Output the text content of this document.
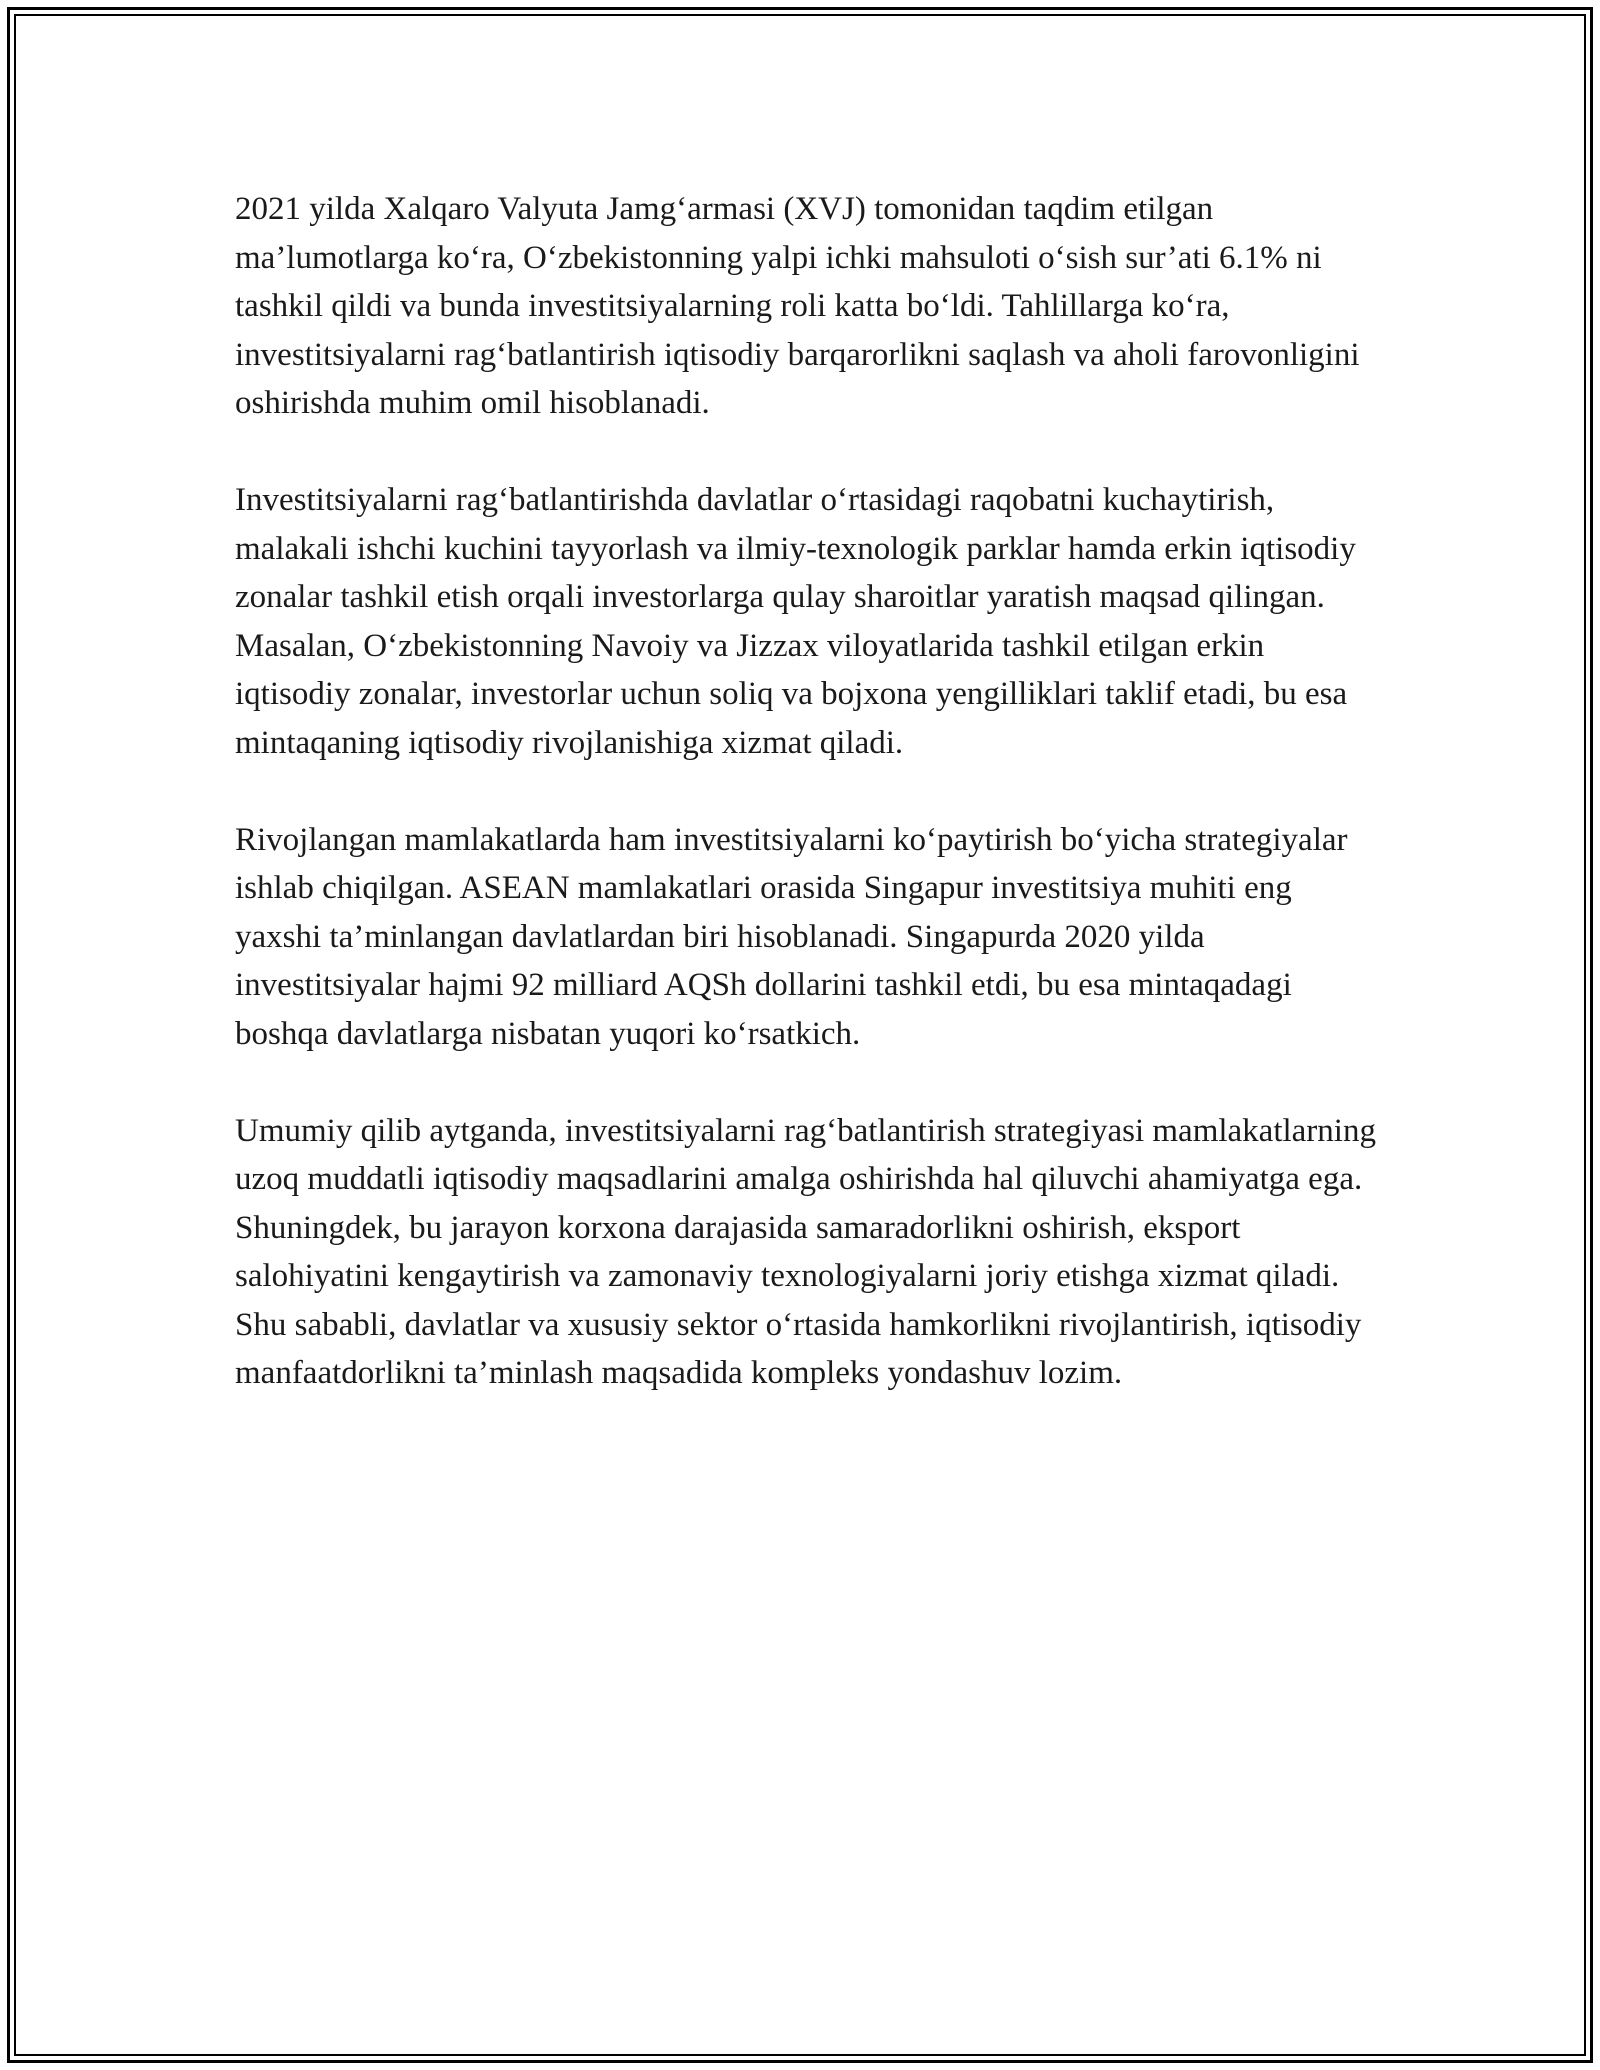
2021 yilda Xalqaro Valyuta Jamg‘armasi (XVJ) tomonidan taqdim etilgan ma’lumotlarga ko‘ra, O‘zbekistonning yalpi ichki mahsuloti o‘sish sur’ati 6.1% ni tashkil qildi va bunda investitsiyalarning roli katta bo‘ldi. Tahlillarga ko‘ra, investitsiyalarni rag‘batlantirish iqtisodiy barqarorlikni saqlash va aholi farovonligini oshirishda muhim omil hisoblanadi.

Investitsiyalarni rag‘batlantirishda davlatlar o‘rtasidagi raqobatni kuchaytirish, malakali ishchi kuchini tayyorlash va ilmiy-texnologik parklar hamda erkin iqtisodiy zonalar tashkil etish orqali investorlarga qulay sharoitlar yaratish maqsad qilingan. Masalan, O‘zbekistonning Navoiy va Jizzax viloyatlarida tashkil etilgan erkin iqtisodiy zonalar, investorlar uchun soliq va bojxona yengilliklari taklif etadi, bu esa mintaqaning iqtisodiy rivojlanishiga xizmat qiladi.

Rivojlangan mamlakatlarda ham investitsiyalarni ko‘paytirish bo‘yicha strategiyalar ishlab chiqilgan. ASEAN mamlakatlari orasida Singapur investitsiya muhiti eng yaxshi ta’minlangan davlatlardan biri hisoblanadi. Singapurda 2020 yilda investitsiyalar hajmi 92 milliard AQSh dollarini tashkil etdi, bu esa mintaqadagi boshqa davlatlarga nisbatan yuqori ko‘rsatkich.

Umumiy qilib aytganda, investitsiyalarni rag‘batlantirish strategiyasi mamlakatlarning uzoq muddatli iqtisodiy maqsadlarini amalga oshirishda hal qiluvchi ahamiyatga ega. Shuningdek, bu jarayon korxona darajasida samaradorlikni oshirish, eksport salohiyatini kengaytirish va zamonaviy texnologiyalarni joriy etishga xizmat qiladi. Shu sababli, davlatlar va xususiy sektor o‘rtasida hamkorlikni rivojlantirish, iqtisodiy manfaatdorlikni ta’minlash maqsadida kompleks yondashuv lozim.
